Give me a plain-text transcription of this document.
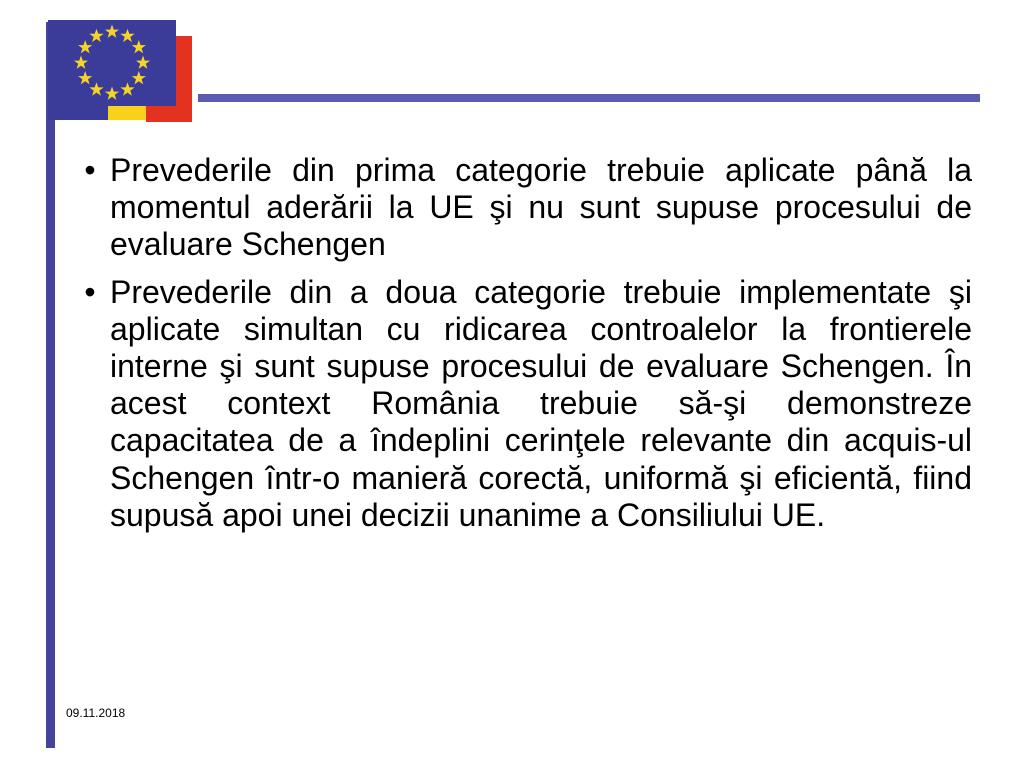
• Prevederile din prima categorie trebuie aplicate până la momentul aderării la UE şi nu sunt supuse procesului de evaluare Schengen
• Prevederile din a doua categorie trebuie implementate şi aplicate simultan cu ridicarea controalelor la frontierele interne şi sunt supuse procesului de evaluare Schengen. În acest context România trebuie să-şi demonstreze capacitatea de a îndeplini cerinţele relevante din acquis-ul Schengen într-o manieră corectă, uniformă şi eficientă, fiind supusă apoi unei decizii unanime a Consiliului UE.
09.11.2018
